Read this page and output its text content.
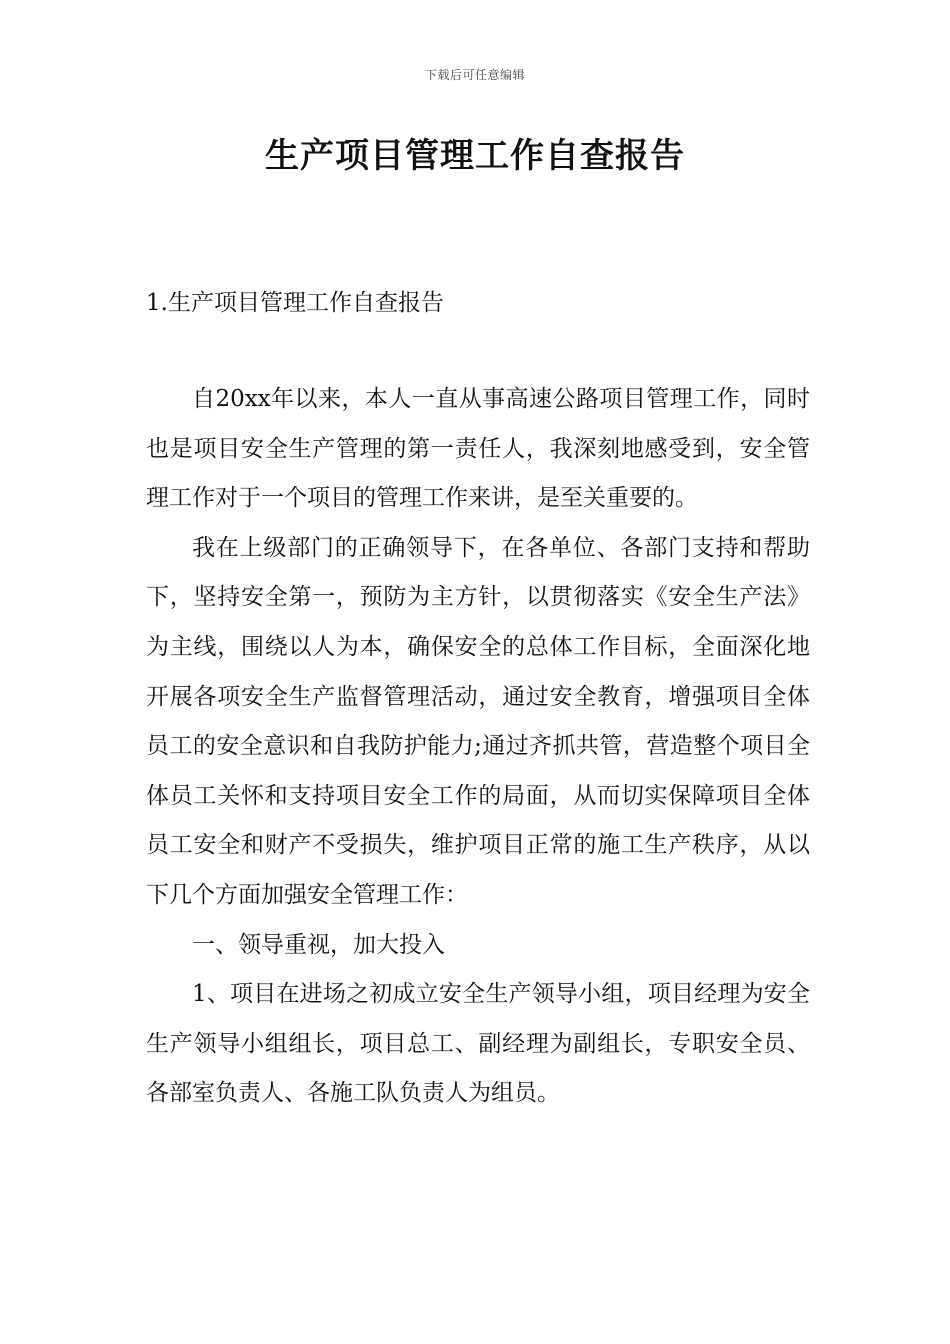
下载后可任意编辑
生产项目管理工作自查报告
1.生产项目管理工作自查报告

自20xx年以来，本人一直从事高速公路项目管理工作，同时也是项目安全生产管理的第一责任人，我深刻地感受到，安全管理工作对于一个项目的管理工作来讲，是至关重要的。

我在上级部门的正确领导下，在各单位、各部门支持和帮助下，坚持安全第一，预防为主方针，以贯彻落实《安全生产法》为主线，围绕以人为本，确保安全的总体工作目标，全面深化地开展各项安全生产监督管理活动，通过安全教育，增强项目全体员工的安全意识和自我防护能力;通过齐抓共管，营造整个项目全体员工关怀和支持项目安全工作的局面，从而切实保障项目全体员工安全和财产不受损失，维护项目正常的施工生产秩序，从以下几个方面加强安全管理工作：

一、领导重视，加大投入

1、项目在进场之初成立安全生产领导小组，项目经理为安全生产领导小组组长，项目总工、副经理为副组长，专职安全员、各部室负责人、各施工队负责人为组员。
